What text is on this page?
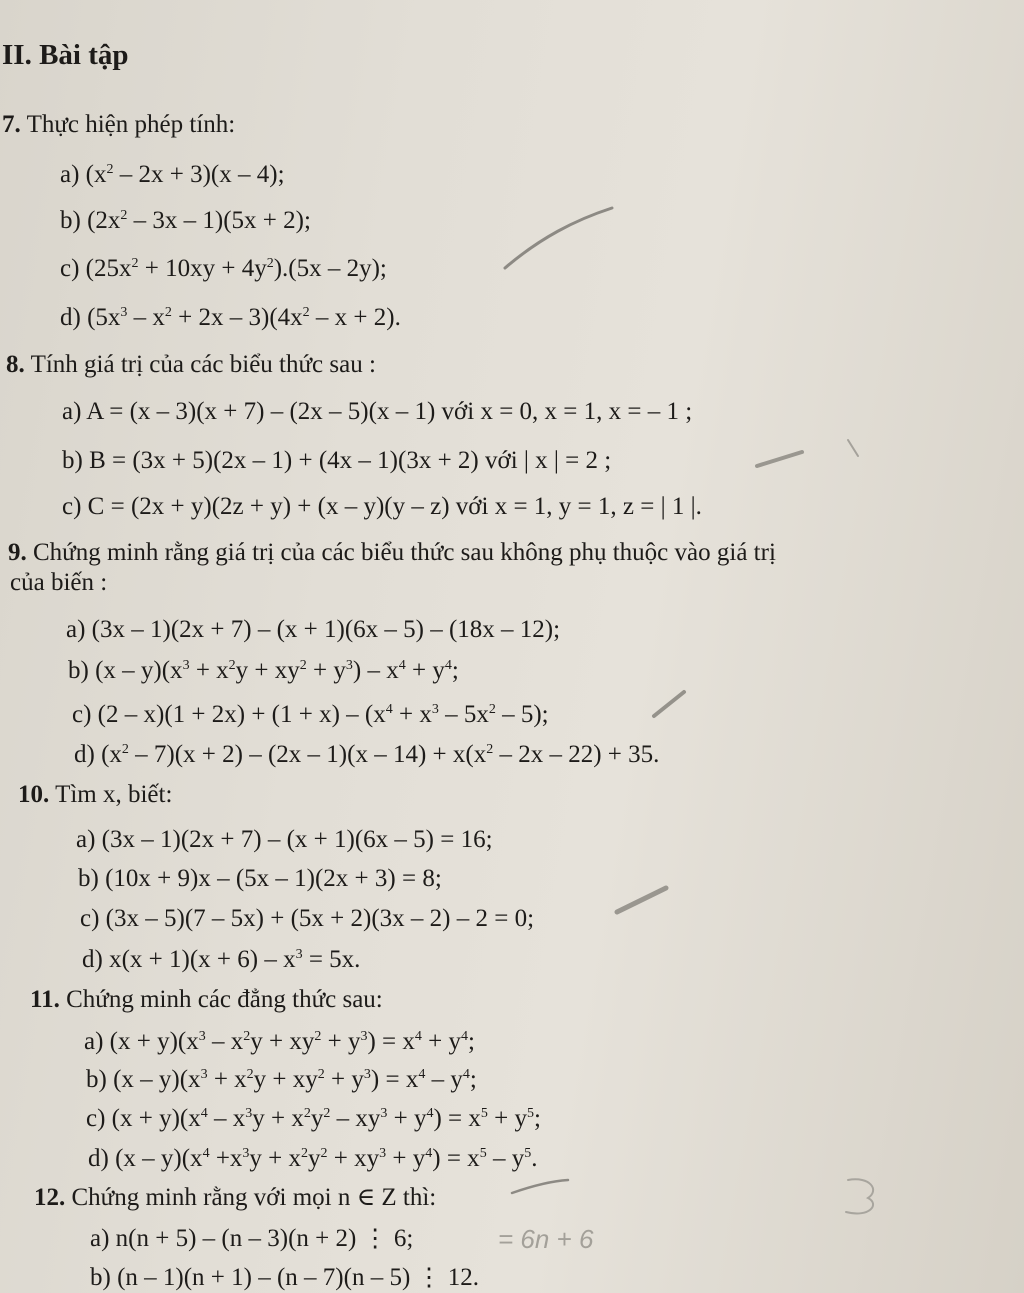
II. Bài tập
7. Thực hiện phép tính:
a) $(x^2 - 2x + 3)(x - 4)$;
b) $(2x^2 - 3x - 1)(5x + 2)$;
c) $(25x^2 + 10xy + 4y^2).(5x - 2y)$;
d) $(5x^3 - x^2 + 2x - 3)(4x^2 - x + 2)$.
8. Tính giá trị của các biểu thức sau :
a) A = (x – 3)(x + 7) – (2x – 5)(x – 1) với x = 0, x = 1, x = – 1 ;
b) B = (3x + 5)(2x – 1) + (4x – 1)(3x + 2) với | x | = 2 ;
c) C = (2x + y)(2z + y) + (x – y)(y – z) với x = 1, y = 1, z = | 1 |.
9. Chứng minh rằng giá trị của các biểu thức sau không phụ thuộc vào giá trị
của biến :
a) (3x – 1)(2x + 7) – (x + 1)(6x – 5) – (18x – 12);
b) $(x - y)(x^3 + x^2y + xy^2 + y^3) - x^4 + y^4$;
c) $(2 - x)(1 + 2x) + (1 + x) - (x^4 + x^3 - 5x^2 - 5)$;
d) $(x^2 - 7)(x + 2) - (2x - 1)(x - 14) + x(x^2 - 2x - 22) + 35$.
10. Tìm x, biết:
a) (3x – 1)(2x + 7) – (x + 1)(6x – 5) = 16;
b) (10x + 9)x – (5x – 1)(2x + 3) = 8;
c) (3x – 5)(7 – 5x) + (5x + 2)(3x – 2) – 2 = 0;
d) $x(x + 1)(x + 6) - x^3 = 5x$.
11. Chứng minh các đẳng thức sau:
a) $(x + y)(x^3 - x^2y + xy^2 + y^3) = x^4 + y^4$;
b) $(x - y)(x^3 + x^2y + xy^2 + y^3) = x^4 - y^4$;
c) $(x + y)(x^4 - x^3y + x^2y^2 - xy^3 + y^4) = x^5 + y^5$;
d) $(x - y)(x^4 +x^3y + x^2y^2 + xy^3 + y^4) = x^5 - y^5$.
12. Chứng minh rằng với mọi n ∈ Z thì:
a) n(n + 5) – (n – 3)(n + 2) ⋮ 6;
b) (n – 1)(n + 1) – (n – 7)(n – 5) ⋮ 12.
= 6n + 6
